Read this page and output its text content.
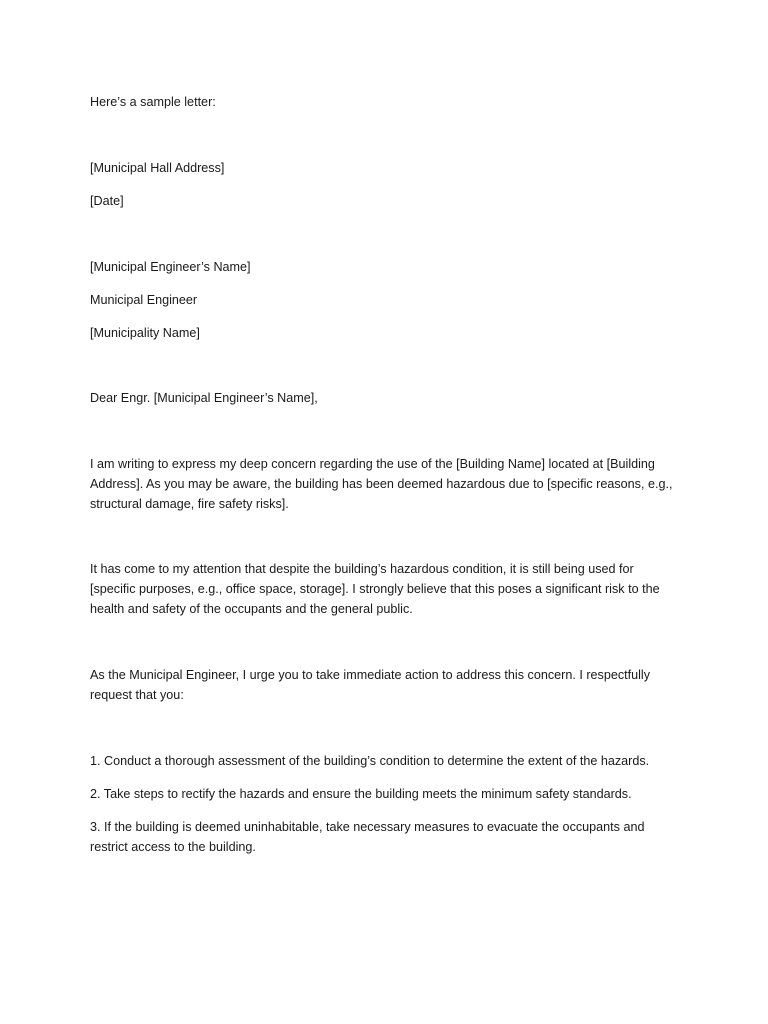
Here’s a sample letter:

[Municipal Hall Address]

[Date]

[Municipal Engineer’s Name]

Municipal Engineer

[Municipality Name]

Dear Engr. [Municipal Engineer’s Name],

I am writing to express my deep concern regarding the use of the [Building Name] located at [Building
Address]. As you may be aware, the building has been deemed hazardous due to [specific reasons, e.g.,
structural damage, fire safety risks].
It has come to my attention that despite the building’s hazardous condition, it is still being used for
[specific purposes, e.g., office space, storage]. I strongly believe that this poses a significant risk to the
health and safety of the occupants and the general public.
As the Municipal Engineer, I urge you to take immediate action to address this concern. I respectfully
request that you:

1. Conduct a thorough assessment of the building’s condition to determine the extent of the hazards.

2. Take steps to rectify the hazards and ensure the building meets the minimum safety standards.

3. If the building is deemed uninhabitable, take necessary measures to evacuate the occupants and
restrict access to the building.
